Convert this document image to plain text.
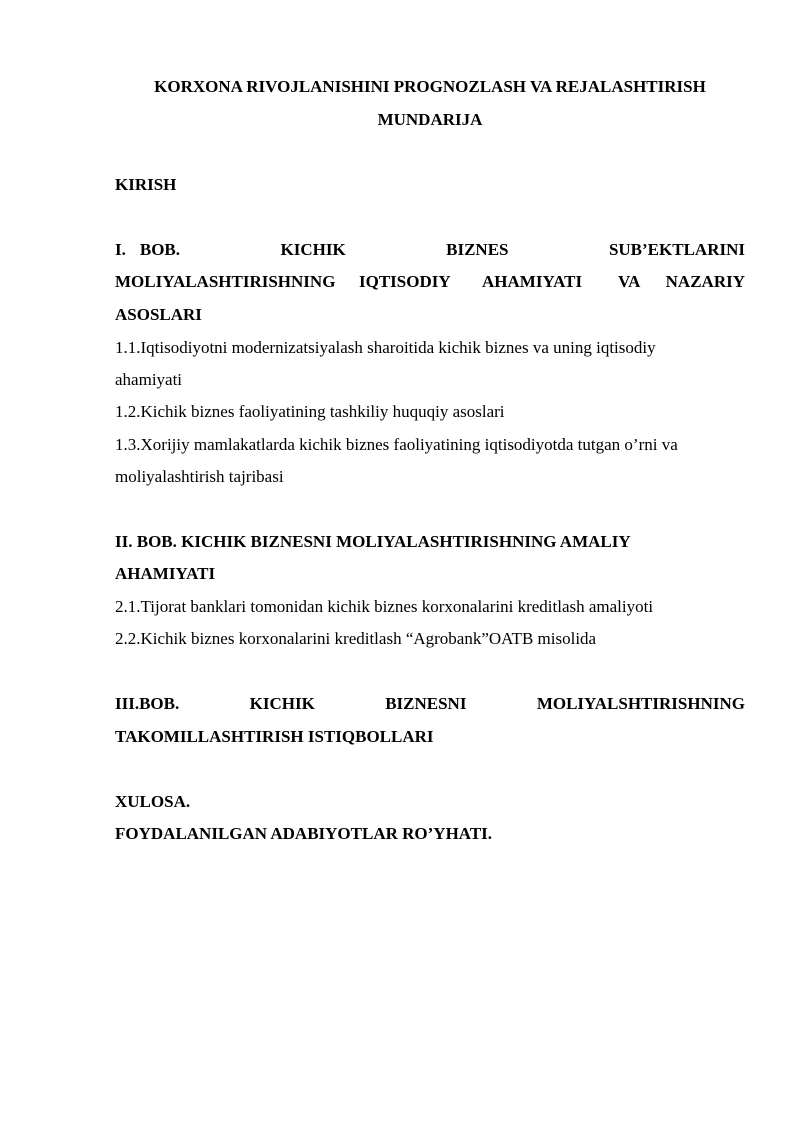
KORXONA RIVOJLANISHINI PROGNOZLASH VA REJALASHTIRISH
MUNDARIJA
KIRISH
I. BOB.	KICHIK	BIZNES	SUB’EKTLARINI
MOLIYALASHTIRISHNING IQTISODIY AHAMIYATI VA NAZARIY
ASOSLARI
1.1.Iqtisodiyotni modernizatsiyalash sharoitida kichik biznes va uning iqtisodiy
ahamiyati
1.2.Kichik biznes faoliyatining tashkiliy huquqiy asoslari
1.3.Xorijiy mamlakatlarda kichik biznes faoliyatining iqtisodiyotda tutgan o’rni va
moliyalashtirish tajribasi
II. BOB. KICHIK BIZNESNI MOLIYALASHTIRISHNING AMALIY
AHAMIYATI
2.1.Tijorat banklari tomonidan kichik biznes korxonalarini kreditlash amaliyoti
2.2.Kichik biznes korxonalarini kreditlash “Agrobank”OATB misolida
III.BOB.	KICHIK	BIZNESNI	MOLIYALSHTIRISHNING
TAKOMILLASHTIRISH ISTIQBOLLARI
XULOSA.
FOYDALANILGAN ADABIYOTLAR RO’YHATI.
